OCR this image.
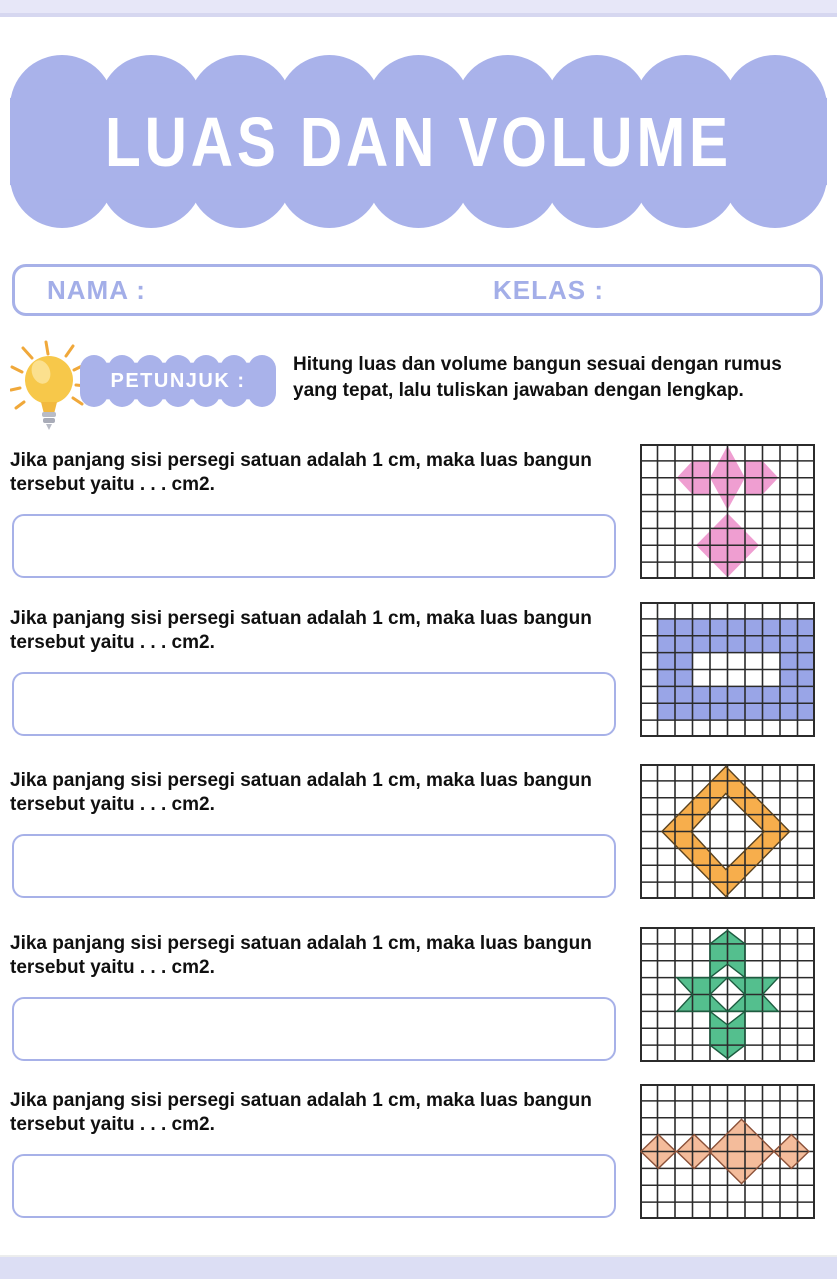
LUAS DAN VOLUME
NAMA :	KELAS :
PETUNJUK :
Hitung luas dan volume bangun sesuai dengan rumus
yang tepat, lalu tuliskan jawaban dengan lengkap.
Jika panjang sisi persegi satuan adalah 1 cm, maka luas bangun
tersebut yaitu . . . cm2.
Jika panjang sisi persegi satuan adalah 1 cm, maka luas bangun
tersebut yaitu . . . cm2.
Jika panjang sisi persegi satuan adalah 1 cm, maka luas bangun
tersebut yaitu . . . cm2.
Jika panjang sisi persegi satuan adalah 1 cm, maka luas bangun
tersebut yaitu . . . cm2.
Jika panjang sisi persegi satuan adalah 1 cm, maka luas bangun
tersebut yaitu . . . cm2.
